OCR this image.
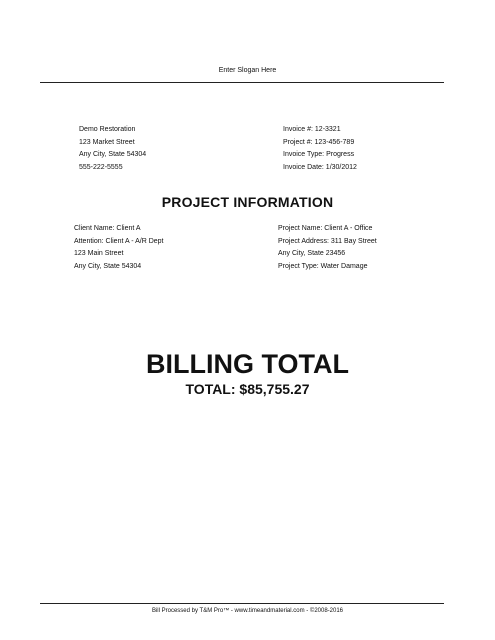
Enter Slogan Here
Demo Restoration
123 Market Street
Any City, State 54304
555-222-5555
Invoice #: 12-3321
Project #: 123-456-789
Invoice Type: Progress
Invoice Date: 1/30/2012
PROJECT INFORMATION
Client Name: Client A
Attention: Client A - A/R Dept
123 Main Street
Any City, State 54304
Project Name: Client A - Office
Project Address: 311 Bay Street
Any City, State 23456
Project Type: Water Damage
BILLING TOTAL
TOTAL: $85,755.27
Bill Processed by T&M Pro™ - www.timeandmaterial.com - ©2008-2016
